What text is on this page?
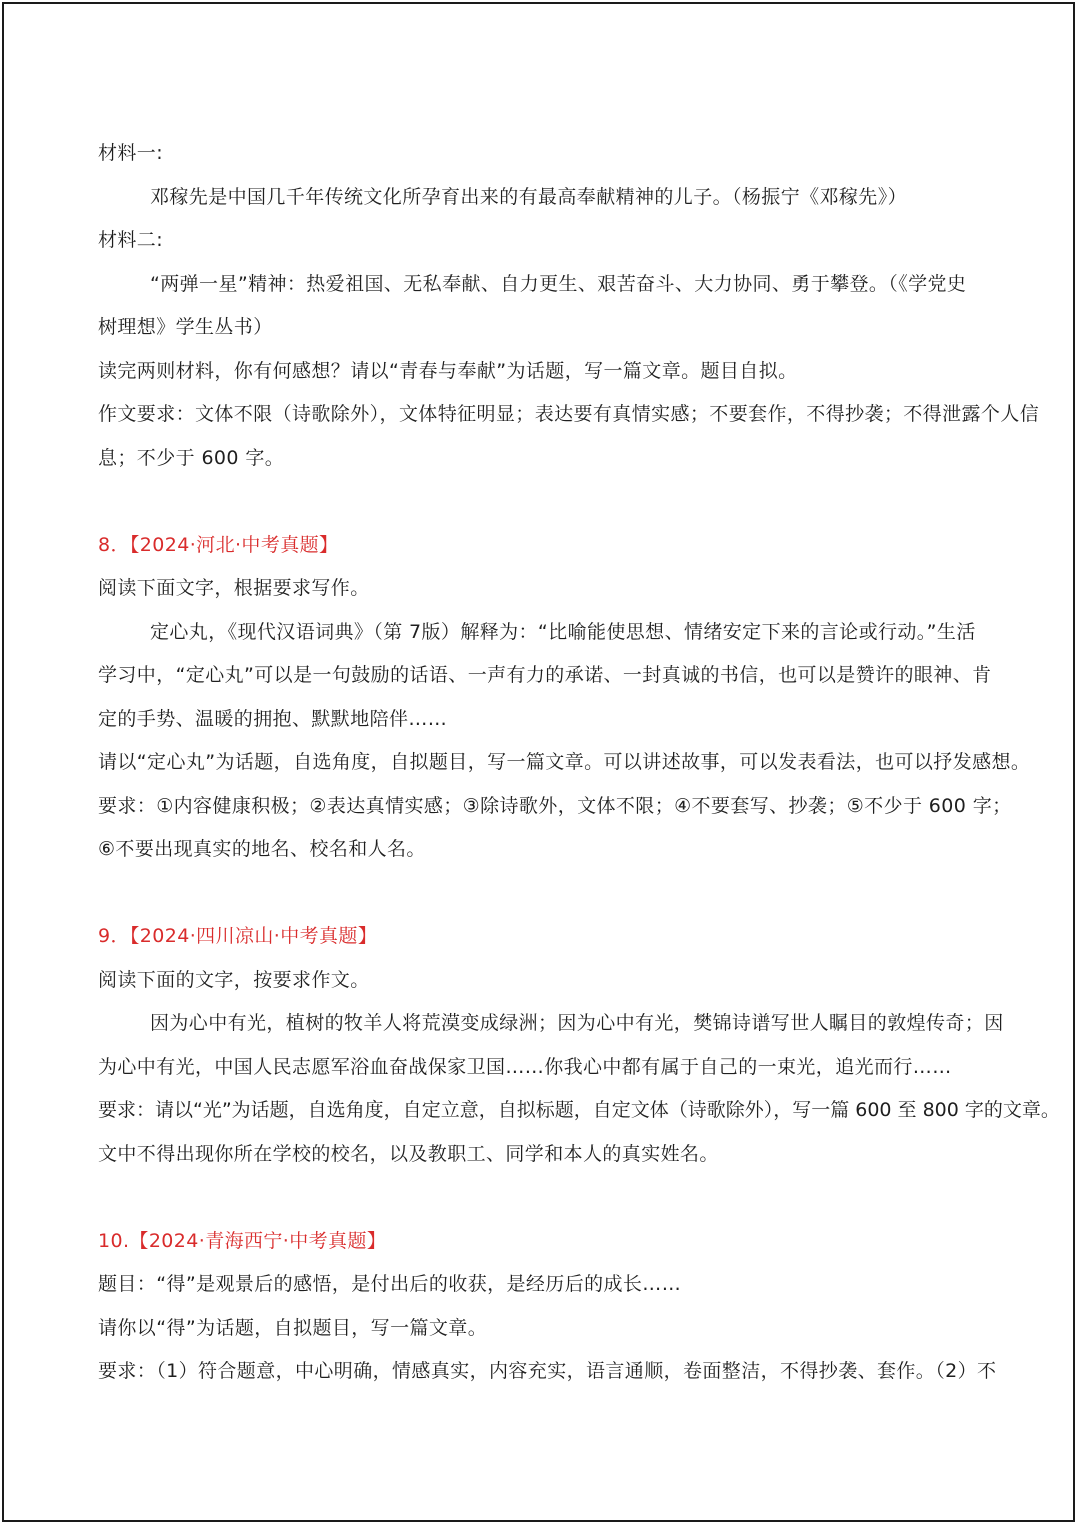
材料一:

邓稼先是中国几千年传统文化所孕育出来的有最高奉献精神的儿子。（杨振宁《邓稼先》）

材料二:

“两弹一星”精神：热爱祖国、无私奉献、自力更生、艰苦奋斗、大力协同、勇于攀登。（《学党史

树理想》学生丛书）

读完两则材料，你有何感想？请以“青春与奉献”为话题，写一篇文章。题目自拟。

作文要求：文体不限（诗歌除外），文体特征明显；表达要有真情实感；不要套作，不得抄袭；不得泄露个人信

息；不少于 600 字。

8．【2024·河北·中考真题】

阅读下面文字，根据要求写作。

定心丸，《现代汉语词典》（第 7版）解释为：“比喻能使思想、情绪安定下来的言论或行动。”生活

学习中，“定心丸”可以是一句鼓励的话语、一声有力的承诺、一封真诚的书信，也可以是赞许的眼神、肯

定的手势、温暖的拥抱、默默地陪伴……

请以“定心丸”为话题，自选角度，自拟题目，写一篇文章。可以讲述故事，可以发表看法，也可以抒发感想。

要求：①内容健康积极；②表达真情实感；③除诗歌外，文体不限；④不要套写、抄袭；⑤不少于 600 字；

⑥不要出现真实的地名、校名和人名。

9．【2024·四川凉山·中考真题】

阅读下面的文字，按要求作文。

因为心中有光，植树的牧羊人将荒漠变成绿洲；因为心中有光，樊锦诗谱写世人瞩目的敦煌传奇；因

为心中有光，中国人民志愿军浴血奋战保家卫国……你我心中都有属于自己的一束光，追光而行……

要求：请以“光”为话题，自选角度，自定立意，自拟标题，自定文体（诗歌除外），写一篇 600 至 800 字的文章。

文中不得出现你所在学校的校名，以及教职工、同学和本人的真实姓名。

10.【2024·青海西宁·中考真题】

题目：“得”是观景后的感悟，是付出后的收获，是经历后的成长……

请你以“得”为话题，自拟题目，写一篇文章。

要求：（1）符合题意，中心明确，情感真实，内容充实，语言通顺，卷面整洁，不得抄袭、套作。（2）不
